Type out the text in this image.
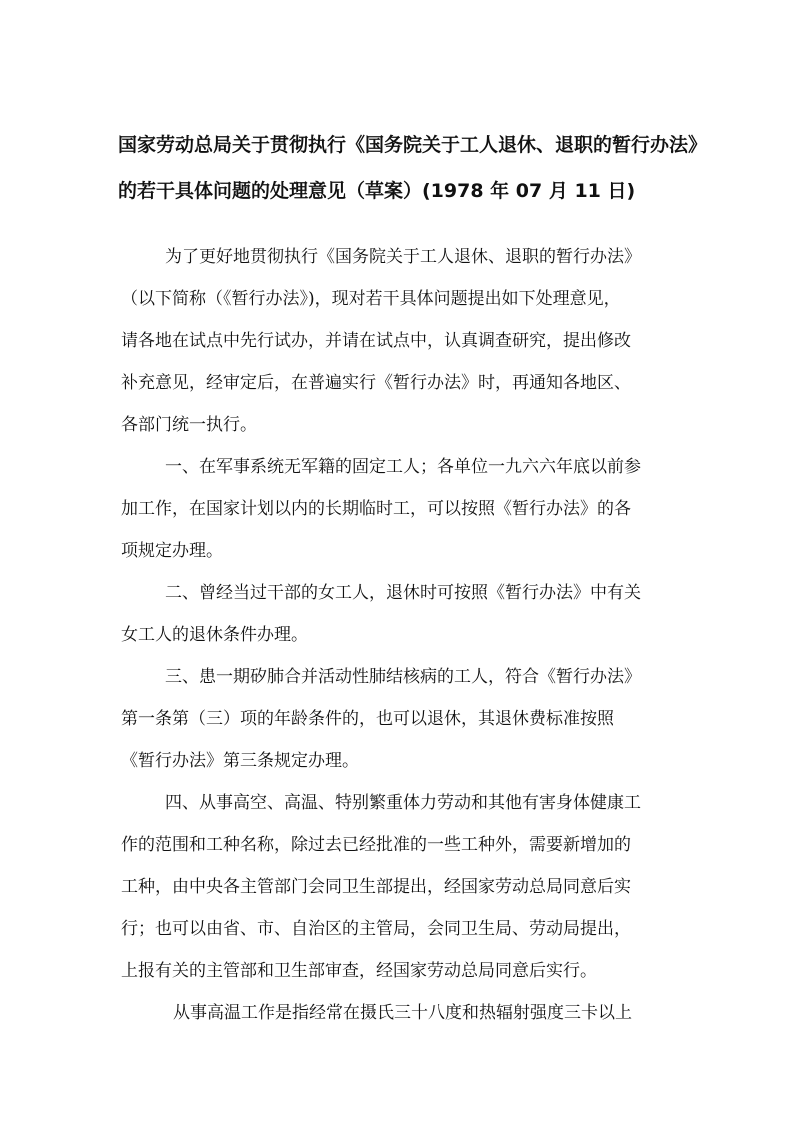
国家劳动总局关于贯彻执行《国务院关于工人退休、退职的暂行办法》
的若干具体问题的处理意见（草案）(1978 年 07 月 11 日)
为了更好地贯彻执行《国务院关于工人退休、退职的暂行办法》
（以下简称（《暂行办法》)，现对若干具体问题提出如下处理意见，
请各地在试点中先行试办，并请在试点中，认真调查研究，提出修改
补充意见，经审定后，在普遍实行《暂行办法》时，再通知各地区、
各部门统一执行。
一、在军事系统无军籍的固定工人；各单位一九六六年底以前参
加工作，在国家计划以内的长期临时工，可以按照《暂行办法》的各
项规定办理。
二、曾经当过干部的女工人，退休时可按照《暂行办法》中有关
女工人的退休条件办理。
三、患一期矽肺合并活动性肺结核病的工人，符合《暂行办法》
第一条第（三）项的年龄条件的，也可以退休，其退休费标准按照
《暂行办法》第三条规定办理。
四、从事高空、高温、特别繁重体力劳动和其他有害身体健康工
作的范围和工种名称，除过去已经批准的一些工种外，需要新增加的
工种，由中央各主管部门会同卫生部提出，经国家劳动总局同意后实
行；也可以由省、市、自治区的主管局，会同卫生局、劳动局提出，
上报有关的主管部和卫生部审查，经国家劳动总局同意后实行。
从事高温工作是指经常在摄氏三十八度和热辐射强度三卡以上
